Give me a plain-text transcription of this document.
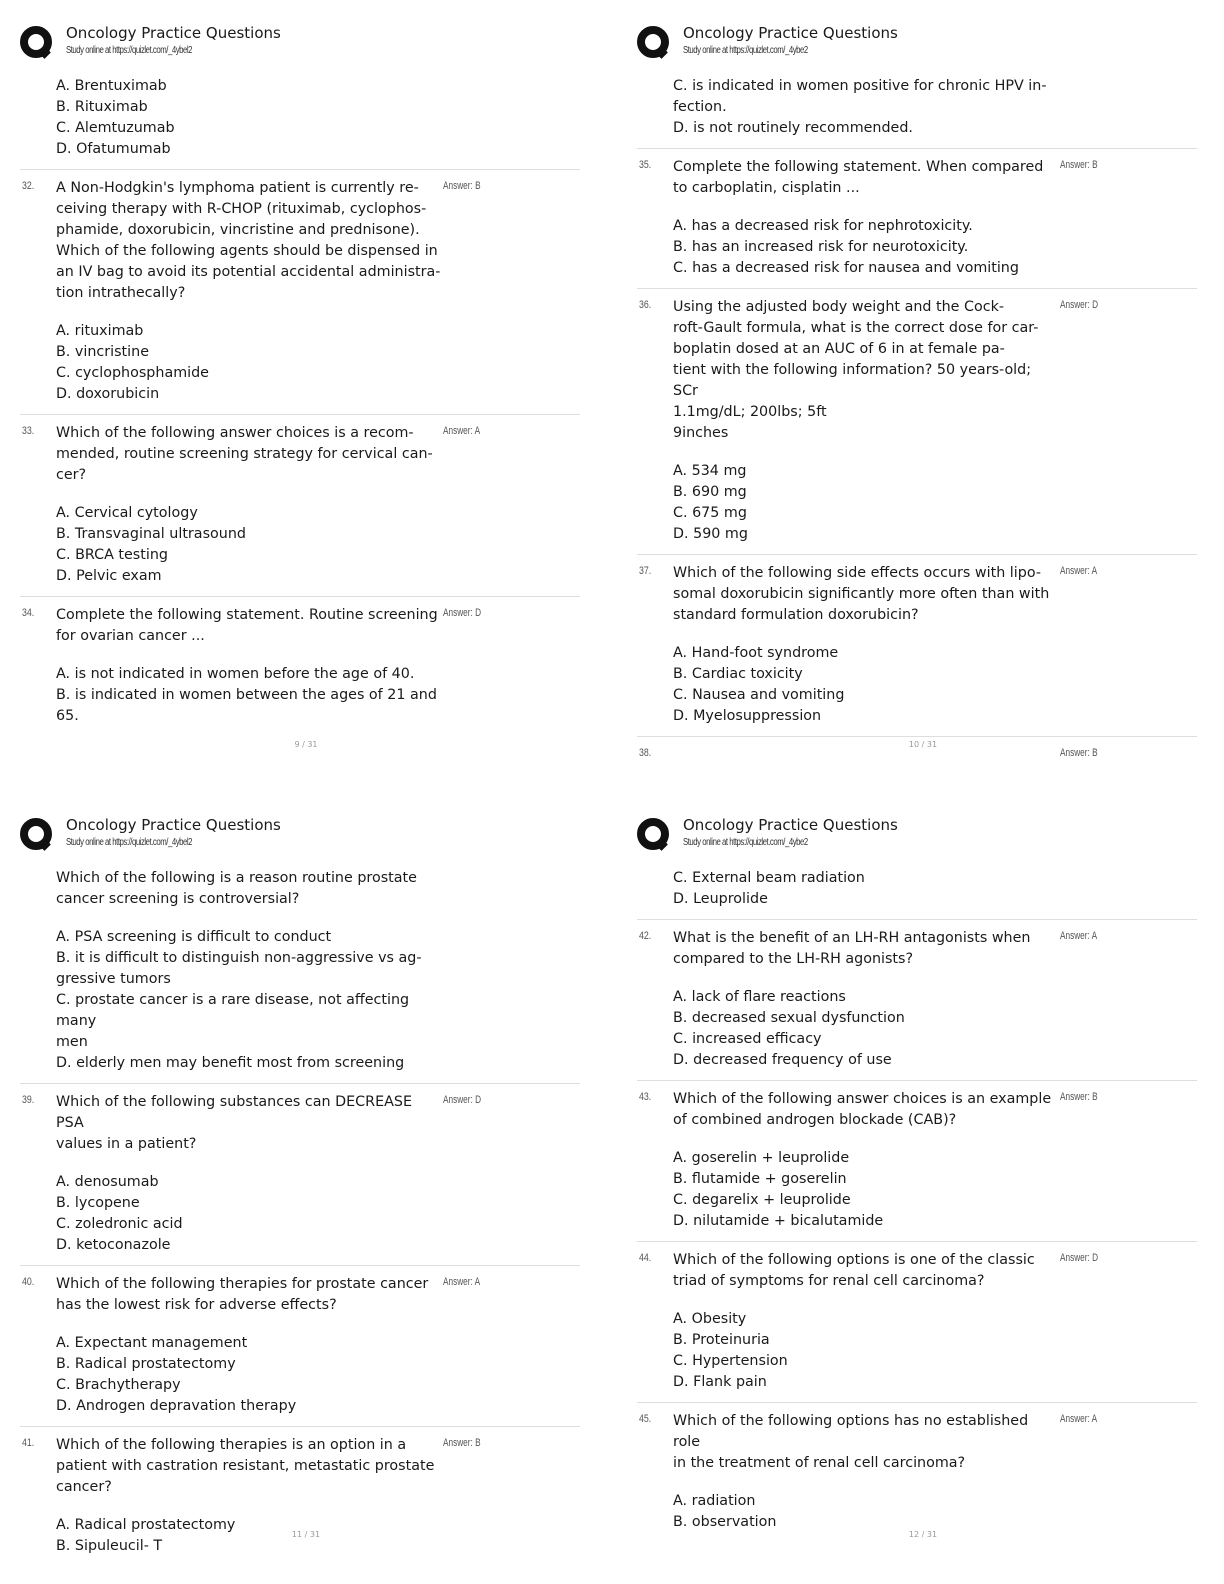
Oncology Practice Questions
Study online at https://quizlet.com/_4ybel2
A. Brentuximab
B. Rituximab
C. Alemtuzumab
D. Ofatumumab
32.	Answer: B
A Non-Hodgkin's lymphoma patient is currently re-
ceiving therapy with R-CHOP (rituximab, cyclophos-
phamide, doxorubicin, vincristine and prednisone).
Which of the following agents should be dispensed in
an IV bag to avoid its potential accidental administra-
tion intrathecally?
A. rituximab
B. vincristine
C. cyclophosphamide
D. doxorubicin
33.	Answer: A
Which of the following answer choices is a recom-
mended, routine screening strategy for cervical can-
cer?
A. Cervical cytology
B. Transvaginal ultrasound
C. BRCA testing
D. Pelvic exam
34.	Answer: D
Complete the following statement. Routine screening
for ovarian cancer ...
A. is not indicated in women before the age of 40.
B. is indicated in women between the ages of 21 and
65.
9 / 31
Oncology Practice Questions
Study online at https://quizlet.com/_4ybe2
C. is indicated in women positive for chronic HPV in-
fection.
D. is not routinely recommended.
35.	Answer: B
Complete the following statement. When compared
to carboplatin, cisplatin ...
A. has a decreased risk for nephrotoxicity.
B. has an increased risk for neurotoxicity.
C. has a decreased risk for nausea and vomiting
36.	Answer: D
Using the adjusted body weight and the Cock-
roft-Gault formula, what is the correct dose for car-
boplatin dosed at an AUC of 6 in at female pa-
tient with the following information? 50 years-old; SCr
1.1mg/dL; 200lbs; 5ft
9inches
A. 534 mg
B. 690 mg
C. 675 mg
D. 590 mg
37.	Answer: A
Which of the following side effects occurs with lipo-
somal doxorubicin significantly more often than with
standard formulation doxorubicin?
A. Hand-foot syndrome
B. Cardiac toxicity
C. Nausea and vomiting
D. Myelosuppression
38.	Answer: B
10 / 31
Oncology Practice Questions
Study online at https://quizlet.com/_4ybel2
Which of the following is a reason routine prostate
cancer screening is controversial?
A. PSA screening is difficult to conduct
B. it is difficult to distinguish non-aggressive vs ag-
gressive tumors
C. prostate cancer is a rare disease, not affecting many
men
D. elderly men may benefit most from screening
39.	Answer: D
Which of the following substances can DECREASE PSA
values in a patient?
A. denosumab
B. lycopene
C. zoledronic acid
D. ketoconazole
40.	Answer: A
Which of the following therapies for prostate cancer
has the lowest risk for adverse effects?
A. Expectant management
B. Radical prostatectomy
C. Brachytherapy
D. Androgen depravation therapy
41.	Answer: B
Which of the following therapies is an option in a
patient with castration resistant, metastatic prostate
cancer?
A. Radical prostatectomy
B. Sipuleucil- T
11 / 31
Oncology Practice Questions
Study online at https://quizlet.com/_4ybe2
C. External beam radiation
D. Leuprolide
42.	Answer: A
What is the benefit of an LH-RH antagonists when
compared to the LH-RH agonists?
A. lack of flare reactions
B. decreased sexual dysfunction
C. increased efficacy
D. decreased frequency of use
43.	Answer: B
Which of the following answer choices is an example
of combined androgen blockade (CAB)?
A. goserelin + leuprolide
B. flutamide + goserelin
C. degarelix + leuprolide
D. nilutamide + bicalutamide
44.	Answer: D
Which of the following options is one of the classic
triad of symptoms for renal cell carcinoma?
A. Obesity
B. Proteinuria
C. Hypertension
D. Flank pain
45.	Answer: A
Which of the following options has no established role
in the treatment of renal cell carcinoma?
A. radiation
B. observation
12 / 31
